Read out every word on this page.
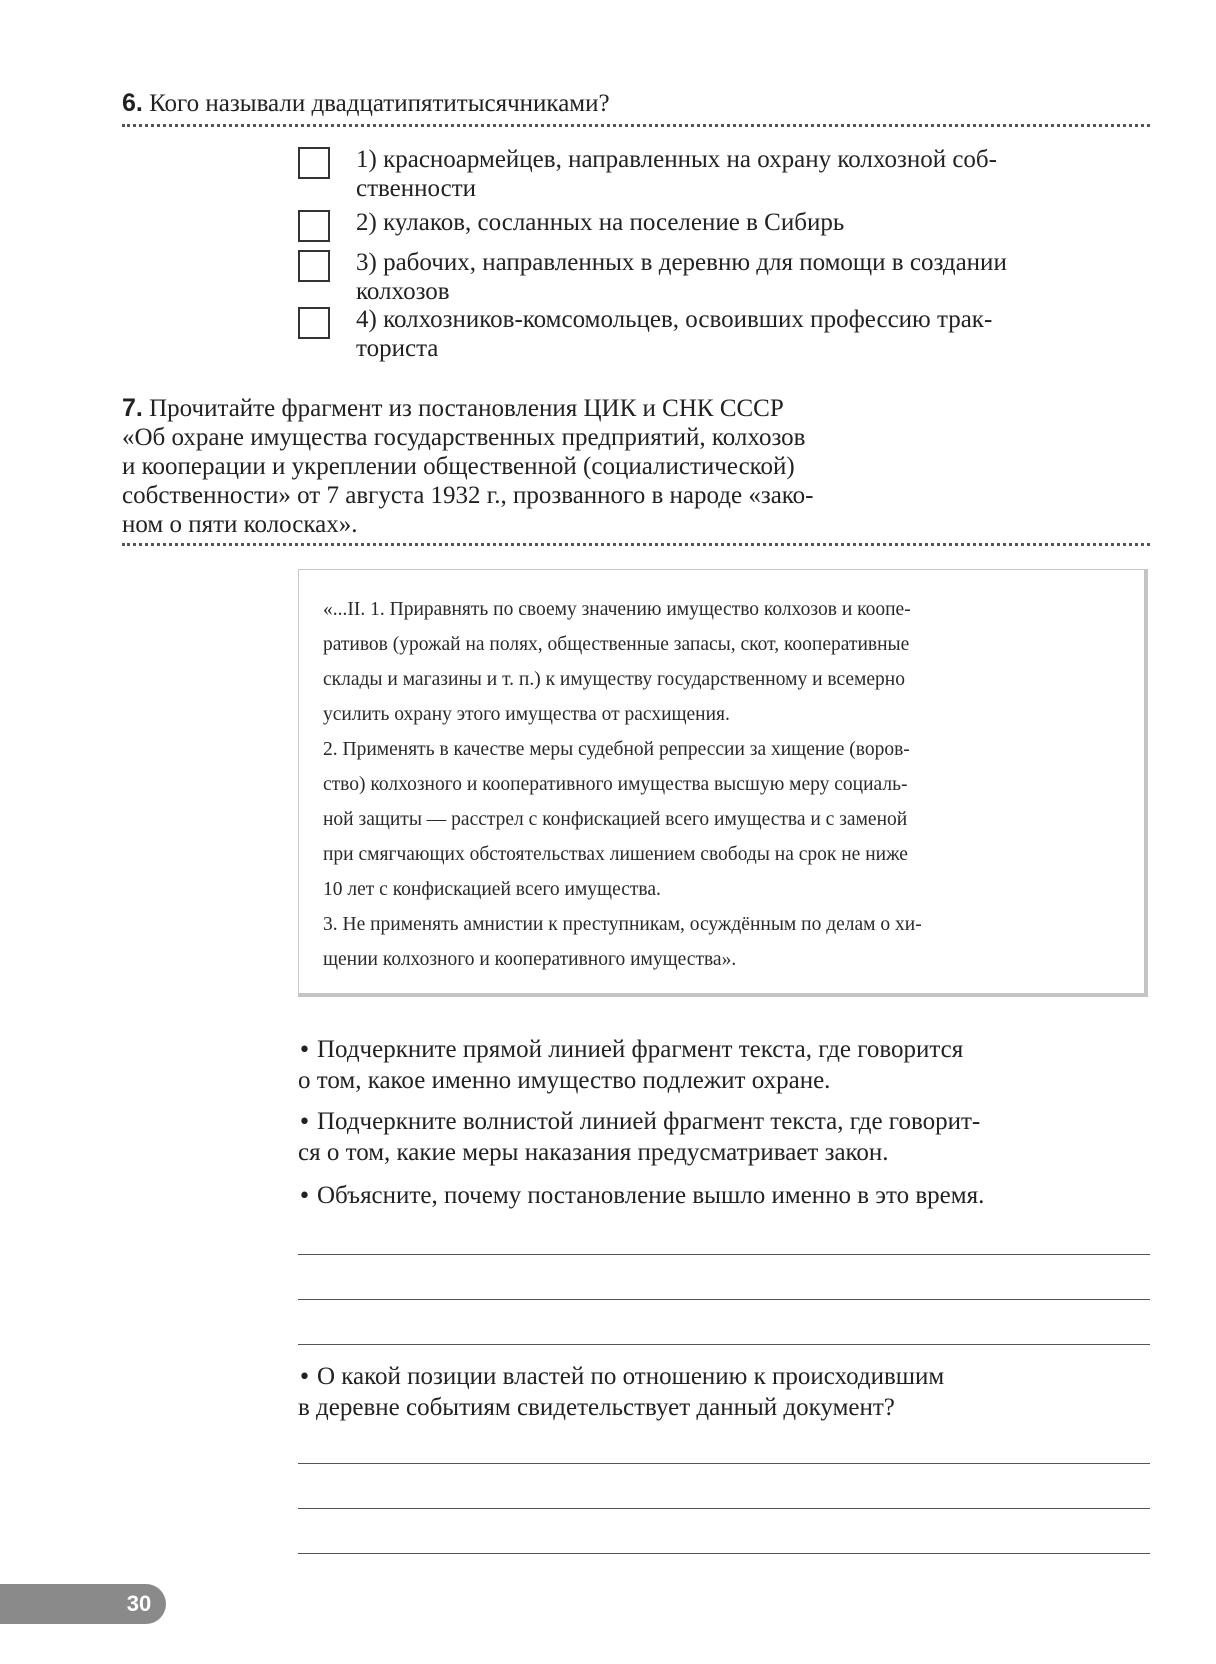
6. Кого называли двадцатипятитысячниками?
1) красноармейцев, направленных на охрану колхозной соб-
ственности
2) кулаков, сосланных на поселение в Сибирь
3) рабочих, направленных в деревню для помощи в создании
колхозов
4) колхозников-комсомольцев, освоивших профессию трак-
ториста
7. Прочитайте фрагмент из постановления ЦИК и СНК СССР
«Об охране имущества государственных предприятий, колхозов
и кооперации и укреплении общественной (социалистической)
собственности» от 7 августа 1932 г., прозванного в народе «зако-
ном о пяти колосках».

«...II. 1. Приравнять по своему значению имущество колхозов и коопе-

ративов (урожай на полях, общественные запасы, скот, кооперативные

склады и магазины и т. п.) к имуществу государственному и всемерно

усилить охрану этого имущества от расхищения.

2. Применять в качестве меры судебной репрессии за хищение (воров-

ство) колхозного и кооперативного имущества высшую меру социаль-

ной защиты — расстрел с конфискацией всего имущества и с заменой

при смягчающих обстоятельствах лишением свободы на срок не ниже

10 лет с конфискацией всего имущества.

3. Не применять амнистии к преступникам, осуждённым по делам о хи-

щении колхозного и кооперативного имущества».

• Подчеркните прямой линией фрагмент текста, где говорится
о том, какое именно имущество подлежит охране.
• Подчеркните волнистой линией фрагмент текста, где говорит-
ся о том, какие меры наказания предусматривает закон.
• Объясните, почему постановление вышло именно в это время.
• О какой позиции властей по отношению к происходившим
в деревне событиям свидетельствует данный документ?
30
